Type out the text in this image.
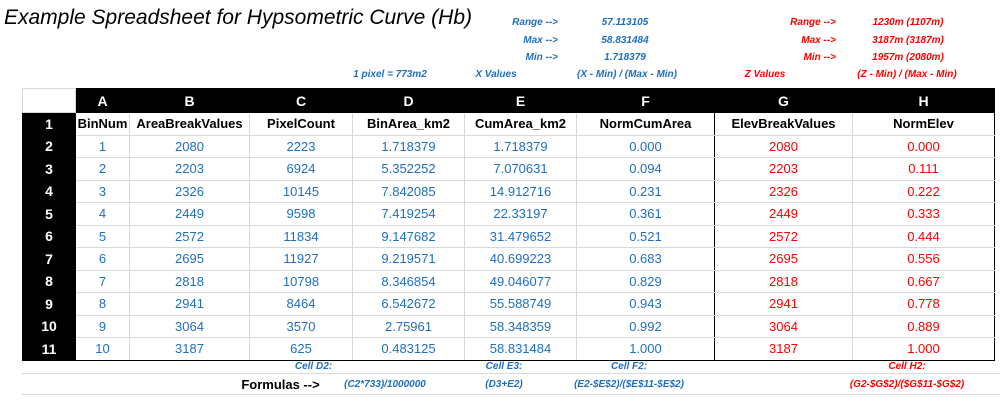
Example Spreadsheet for Hypsometric Curve (Hb)	Range -->	57.113105
Max -->	58.831484
Min -->	1.718379
Range -->	1230m (1107m)
Max -->	3187m (3187m)
Min -->	1957m (2080m)
1 pixel = 773m2	X Values	(X - Min) / (Max - Min)	Z Values	(Z - Min) / (Max - Min)
	A	B	C	D	E	F	G	H
1	BinNum	AreaBreakValues	PixelCount	BinArea_km2	CumArea_km2	NormCumArea	ElevBreakValues	NormElev
2	1	2080	2223	1.718379	1.718379	0.000	2080	0.000
3	2	2203	6924	5.352252	7.070631	0.094	2203	0.111
4	3	2326	10145	7.842085	14.912716	0.231	2326	0.222
5	4	2449	9598	7.419254	22.33197	0.361	2449	0.333
6	5	2572	11834	9.147682	31.479652	0.521	2572	0.444
7	6	2695	11927	9.219571	40.699223	0.683	2695	0.556
8	7	2818	10798	8.346854	49.046077	0.829	2818	0.667
9	8	2941	8464	6.542672	55.588749	0.943	2941	0.778
10	9	3064	3570	2.75961	58.348359	0.992	3064	0.889
11	10	3187	625	0.483125	58.831484	1.000	3187	1.000
Cell D2:	Cell E3:	Cell F2:	Cell H2:
Formulas -->	(C2*733)/1000000	(D3+E2)	(E2-$E$2)/($E$11-$E$2)	(G2-$G$2)/($G$11-$G$2)
